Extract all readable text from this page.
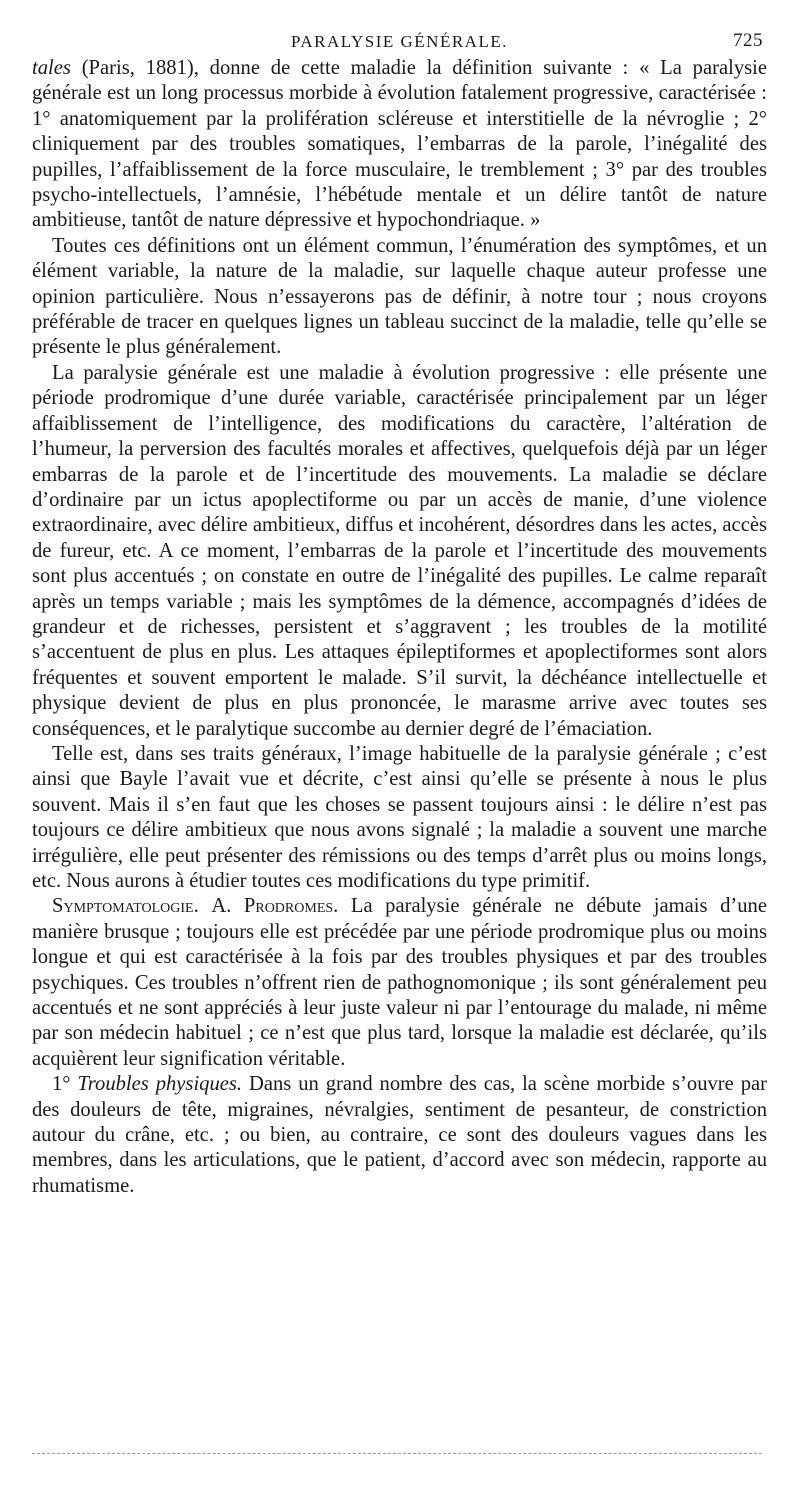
PARALYSIE GÉNÉRALE.	725

tales (Paris, 1881), donne de cette maladie la définition suivante : « La paralysie générale est un long processus morbide à évolution fatalement progressive, caractérisée : 1° anatomiquement par la prolifération scléreuse et interstitielle de la névroglie ; 2° cliniquement par des troubles somatiques, l’embarras de la parole, l’inégalité des pupilles, l’affaiblissement de la force musculaire, le tremblement ; 3° par des troubles psycho-intellectuels, l’amnésie, l’hébétude mentale et un délire tantôt de nature ambitieuse, tantôt de nature dépressive et hypochondriaque. »

Toutes ces définitions ont un élément commun, l’énumération des symptômes, et un élément variable, la nature de la maladie, sur laquelle chaque auteur professe une opinion particulière. Nous n’essayerons pas de définir, à notre tour ; nous croyons préférable de tracer en quelques lignes un tableau succinct de la maladie, telle qu’elle se présente le plus généralement.

La paralysie générale est une maladie à évolution progressive : elle présente une période prodromique d’une durée variable, caractérisée principalement par un léger affaiblissement de l’intelligence, des modifications du caractère, l’altération de l’humeur, la perversion des facultés morales et affectives, quelquefois déjà par un léger embarras de la parole et de l’incertitude des mouvements. La maladie se déclare d’ordinaire par un ictus apoplectiforme ou par un accès de manie, d’une violence extraordinaire, avec délire ambitieux, diffus et incohérent, désordres dans les actes, accès de fureur, etc. A ce moment, l’embarras de la parole et l’incertitude des mouvements sont plus accentués ; on constate en outre de l’inégalité des pupilles. Le calme reparaît après un temps variable ; mais les symptômes de la démence, accompagnés d’idées de grandeur et de richesses, persistent et s’aggravent ; les troubles de la motilité s’accentuent de plus en plus. Les attaques épileptiformes et apoplectiformes sont alors fréquentes et souvent emportent le malade. S’il survit, la déchéance intellectuelle et physique devient de plus en plus prononcée, le marasme arrive avec toutes ses conséquences, et le paralytique succombe au dernier degré de l’émaciation.

Telle est, dans ses traits généraux, l’image habituelle de la paralysie générale ; c’est ainsi que Bayle l’avait vue et décrite, c’est ainsi qu’elle se présente à nous le plus souvent. Mais il s’en faut que les choses se passent toujours ainsi : le délire n’est pas toujours ce délire ambitieux que nous avons signalé ; la maladie a souvent une marche irrégulière, elle peut présenter des rémissions ou des temps d’arrêt plus ou moins longs, etc. Nous aurons à étudier toutes ces modifications du type primitif.

Symptomatologie. A. Prodromes. La paralysie générale ne débute jamais d’une manière brusque ; toujours elle est précédée par une période prodromique plus ou moins longue et qui est caractérisée à la fois par des troubles physiques et par des troubles psychiques. Ces troubles n’offrent rien de pathognomonique ; ils sont généralement peu accentués et ne sont appréciés à leur juste valeur ni par l’entourage du malade, ni même par son médecin habituel ; ce n’est que plus tard, lorsque la maladie est déclarée, qu’ils acquièrent leur signification véritable.

1° Troubles physiques. Dans un grand nombre des cas, la scène morbide s’ouvre par des douleurs de tête, migraines, névralgies, sentiment de pesanteur, de constriction autour du crâne, etc. ; ou bien, au contraire, ce sont des douleurs vagues dans les membres, dans les articulations, que le patient, d’accord avec son médecin, rapporte au rhumatisme.
